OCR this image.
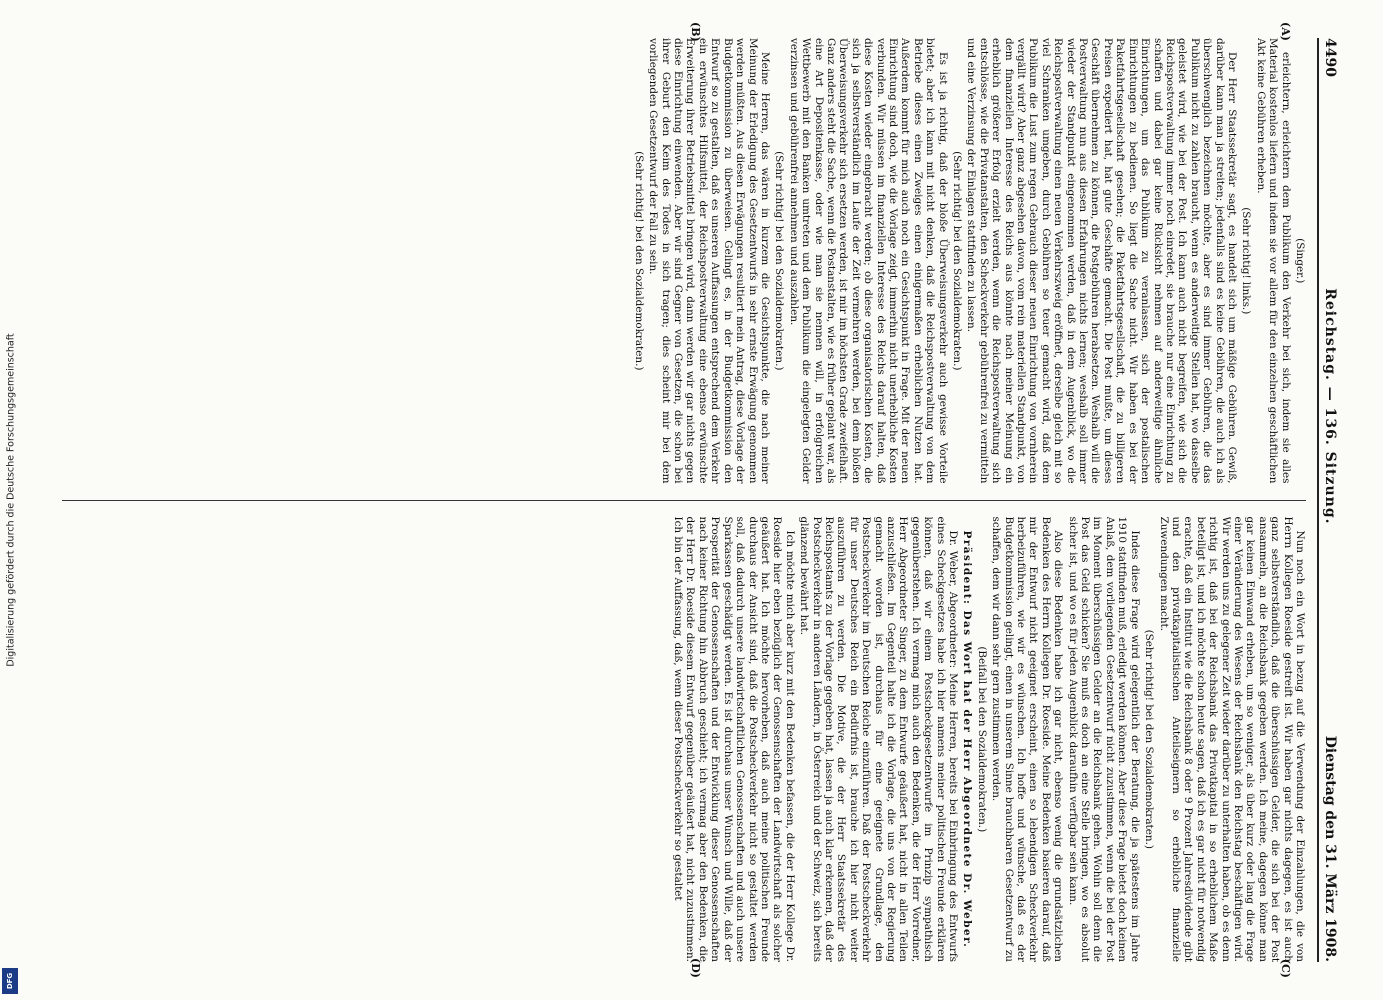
Digitalisierung gefördert durch die Deutsche Forschungsgemeinschaft
DFG
4490
Reichstag. — 136. Sitzung.
Dienstag den 31. März 1908.

(Singer.)

erleichtern, erleichtern dem Publikum den Verkehr bei sich, indem sie alles Material kostenlos liefern und indem sie vor allem für den einzelnen geschäftlichen Akt keine Gebühren erheben.

(Sehr richtig! links.)

Der Herr Staatssekretär sagt, es handelt sich um mäßige Gebühren. Gewiß, darüber kann man ja streiten; jedenfalls sind es keine Gebühren, die auch ich als überschwenglich bezeichnen möchte, aber es sind immer Gebühren, die das Publikum nicht zu zahlen braucht, wenn es anderweitige Stellen hat, wo dasselbe geleistet wird, wie bei der Post. Ich kann auch nicht begreifen, wie sich die Reichspostverwaltung immer noch einredet, sie brauche nur eine Einrichtung zu schaffen und dabei gar keine Rücksicht nehmen auf anderweitige ähnliche Einrichtungen, um das Publikum zu veranlassen, sich der postalischen Einrichtungen zu bedienen. So liegt die Sache nicht. Wir haben es bei der Paketfahrtsgesellschaft gesehen; die Paketfahrtsgesellschaft, die zu billigeren Preisen expediert hat, hat gute Geschäfte gemacht. Die Post mußte, um dieses Geschäft übernehmen zu können, die Postgebühren herabsetzen. Weshalb will die Postverwaltung nun aus diesen Erfahrungen nichts lernen; weshalb soll immer wieder der Standpunkt eingenommen werden, daß in dem Augenblick, wo die Reichspostverwaltung einen neuen Verkehrszweig eröffnet, derselbe gleich mit so viel Schranken umgeben, durch Gebühren so teuer gemacht wird, daß dem Publikum die Lust zum regen Gebrauch dieser neuen Einrichtung von vornherein vergällt wird? Aber ganz abgesehen davon, vom rein materiellen Standpunkt, von dem finanziellen Interesse des Reichs aus könnte nach meiner Meinung ein erheblich größerer Erfolg erzielt werden, wenn die Reichspostverwaltung sich entschlösse, wie die Privatanstalten, den Scheckverkehr gebührenfrei zu vermitteln und eine Verzinsung der Einlagen stattfinden zu lassen.

(Sehr richtig! bei den Sozialdemokraten.)

Es ist ja richtig, daß der bloße Überweisungsverkehr auch gewisse Vorteile bietet; aber ich kann mit nicht denken, daß die Reichspostverwaltung von dem Betriebe dieses einen Zweiges einen einigermaßen erheblichen Nutzen hat. Außerdem kommt für mich auch noch ein Gesichtspunkt in Frage. Mit der neuen Einrichtung sind doch, wie die Vorlage zeigt, immerhin nicht unerhebliche Kosten verbunden. Wir müssen im finanziellen Interesse des Reichs darauf halten, daß diese Kosten wieder eingebracht werden; ob diese organisatorischen Kosten, die sich ja selbstverständlich im Laufe der Zeit vermehren werden, bei dem bloßen Überweisungsverkehr sich ersetzen werden, ist mir im höchsten Grade zweifelhaft. Ganz anders steht die Sache, wenn die Postanstalten, wie es früher geplant war, als eine Art Depositenkasse, oder wie man sie nennen will, in erfolgreichen Wettbewerb mit den Banken umtreten und dem Publikum die eingelegten Gelder verzinsen und gebührenfrei annehmen und auszahlen.

(Sehr richtig! bei den Sozialdemokraten.)

Meine Herren, das wären in kurzem die Gesichtspunkte, die nach meiner Meinung der Erledigung des Gesetzentwurfs in sehr ernste Erwägung genommen werden müßten. Aus diesen Erwägungen resultiert mein Antrag, diese Vorlage der Budgetkommission zu überweisen. Gelingt es, in der Budgetkommission den Entwurf so zu gestalten, daß es unseren Auffassungen entsprechend dem Verkehr ein erwünschtes Hilfsmittel, der Reichspostverwaltung eine ebenso erwünschte Erweiterung ihrer Betriebsmittel bringen wird, dann werden wir gar nichts gegen diese Einrichtung einwenden. Aber wir sind Gegner von Gesetzen, die schon bei ihrer Geburt den Keim des Todes in sich tragen; dies scheint mir bei dem vorliegenden Gesetzentwurf der Fall zu sein.

(Sehr richtig! bei den Sozialdemokraten.)

Nun noch ein Wort in bezug auf die Verwendung der Einzahlungen, die von Herrn Kollegen Roeside gestreift ist. Wir haben gar nichts dagegen, es ist auch ganz selbstverständlich, daß die überschüssigen Gelder, die sich bei der Post ansammeln, an die Reichsbank gegeben werden. Ich meine, dagegen könne man gar keinen Einwand erheben, um so weniger, als über kurz oder lang die Frage einer Veränderung des Wesens der Reichsbank den Reichstag beschäftigen wird. Wir werden uns zu gelegener Zeit wieder darüber zu unterhalten haben, ob es denn richtig ist, daß bei der Reichsbank das Privatkapital in so erheblichem Maße beteiligt ist, und ich möchte schon heute sagen, daß ich es gar nicht für notwendig erachte, daß ein Institut wie die Reichsbank 8 oder 9 Prozent Jahresdividende gibt und den privatkapitalistischen Anteilseignern so erhebliche finanzielle Zuwendungen macht.

(Sehr richtig! bei den Sozialdemokraten.)

Indes diese Frage wird gelegentlich der Beratung, die ja spätestens im Jahre 1910 stattfinden muß, erledigt werden können. Aber diese Frage bietet doch keinen Anlaß, dem vorliegenden Gesetzentwurf nicht zuzustimmen, wenn die bei der Post im Moment überschüssigen Gelder an die Reichsbank gehen. Wohin soll denn die Post das Geld schicken? Sie muß es doch an eine Stelle bringen, wo es absolut sicher ist, und wo es für jeden Augenblick daraufhin verfügbar sein kann.

Also diese Bedenken habe ich gar nicht, ebenso wenig die grundsätzlichen Bedenken des Herrn Kollegen Dr. Roeside. Meine Bedenken basieren darauf, daß mir der Entwurf nicht geeignet erscheint, einen so lebendigen Scheckverkehr herbeizuführen, wie wir es wünschen. Ich hoffe und wünsche, daß es der Budgetkommission gelingt, einen in unserem Sinne brauchbaren Gesetzentwurf zu schaffen, dem wir dann sehr gern zustimmen werden.

(Beifall bei den Sozialdemokraten.)

Präsident: Das Wort hat der Herr Abgeordnete Dr. Weber.

Dr. Weber, Abgeordneter: Meine Herren, bereits bei Einbringung des Entwurfs eines Scheckgesetzes habe ich hier namens meiner politischen Freunde erklären können, daß wir einem Postscheckgesetzentwurfe im Prinzip sympathisch gegenüberstehen. Ich vermag mich auch den Bedenken, die der Herr Vorredner, Herr Abgeordneter Singer, zu dem Entwurfe geäußert hat, nicht in allen Teilen anzuschließen. Im Gegenteil halte ich die Vorlage, die uns von der Regierung gemacht worden ist, durchaus für eine geeignete Grundlage, den Postscheckverkehr im Deutschen Reiche einzuführen. Daß der Postscheckverkehr für unser Deutsches Reich ein Bedürfnis ist, brauche ich hier nicht weiter auszuführen zu werden. Die Motive, die der Herr Staatssekretär des Reichspostamts zu der Vorlage gegeben hat, lassen ja auch klar erkennen, daß der Postscheckverkehr in anderen Ländern, in Österreich und der Schweiz, sich bereits glänzend bewährt hat.

Ich möchte mich aber kurz mit den Bedenken befassen, die der Herr Kollege Dr. Roeside hier eben bezüglich der Genossenschaften der Landwirtschaft als solcher geäußert hat. Ich möchte hervorheben, daß auch meine politischen Freunde durchaus der Ansicht sind, daß die Postscheckverkehr nicht so gestaltet werden soll, daß dadurch unsere landwirtschaftlichen Genossenschaften und auch unsere Sparkassen geschädigt werden. Es ist durchaus unser Wunsch und Wille, daß der Prosperität der Genossenschaften und der Entwicklung dieser Genossenschaften nach keiner Richtung hin Abbruch geschieht; ich vermag aber den Bedenken, die der Herr Dr. Roeside diesem Entwurf gegenüber geäußert hat, nicht zuzustimmen. Ich bin der Auffassung, daß, wenn dieser Postscheckverkehr so gestaltet

(A)
(B)
(C)
(D)
